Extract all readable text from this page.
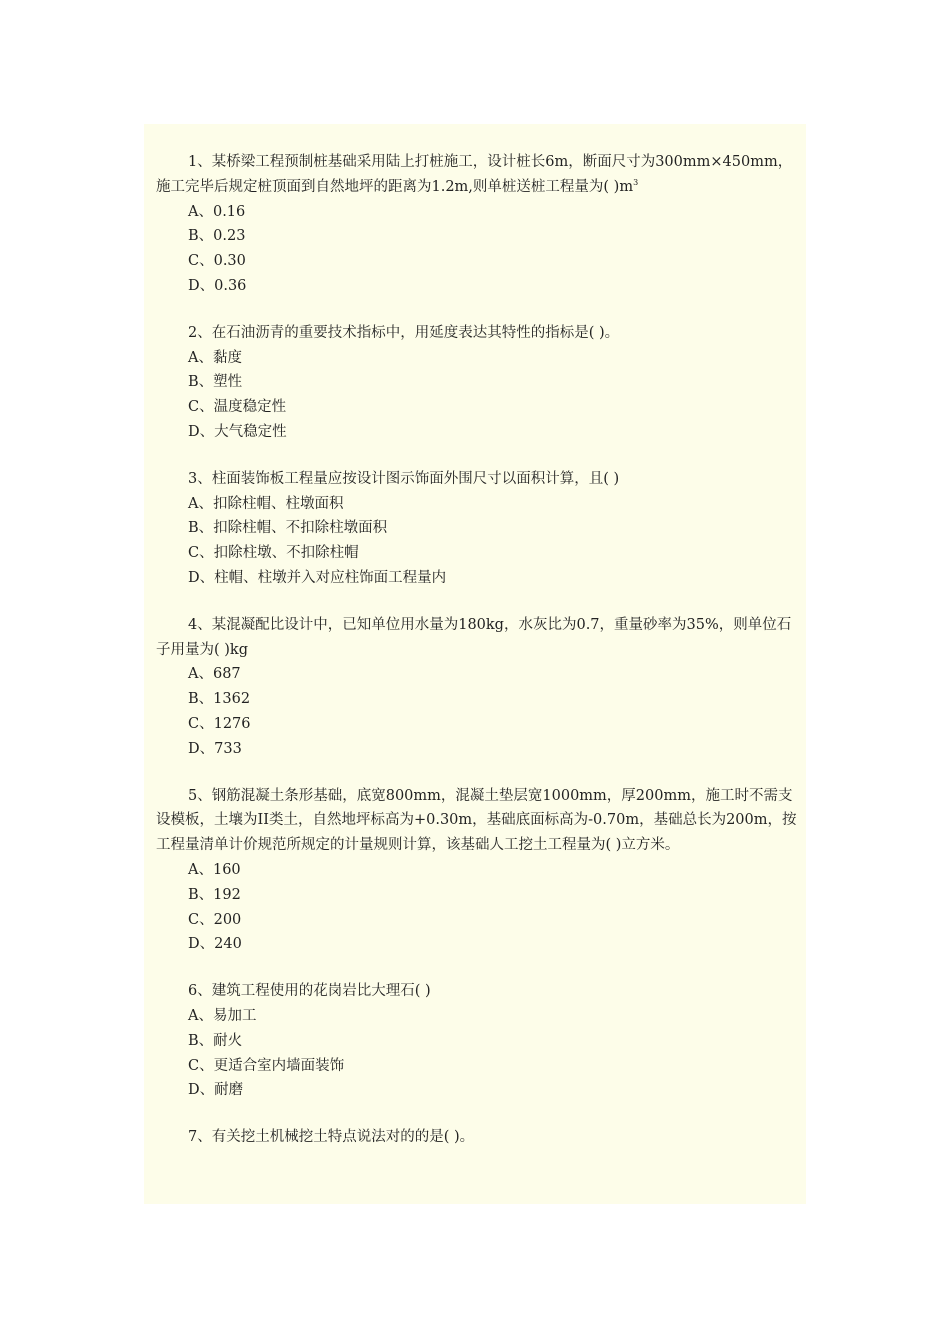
1、某桥梁工程预制桩基础采用陆上打桩施工，设计桩长6m，断面尺寸为300mm×450mm，施工完毕后规定桩顶面到自然地坪的距离为1.2m,则单桩送桩工程量为( )$m^3$

A、0.16

B、0.23

C、0.30

D、0.36

2、在石油沥青的重要技术指标中，用延度表达其特性的指标是( )。

A、黏度

B、塑性

C、温度稳定性

D、大气稳定性

3、柱面装饰板工程量应按设计图示饰面外围尺寸以面积计算，且( )

A、扣除柱帽、柱墩面积

B、扣除柱帽、不扣除柱墩面积

C、扣除柱墩、不扣除柱帽

D、柱帽、柱墩并入对应柱饰面工程量内

4、某混凝配比设计中，已知单位用水量为180kg，水灰比为0.7，重量砂率为35%，则单位石子用量为( )kg

A、687

B、1362

C、1276

D、733

5、钢筋混凝土条形基础，底宽800mm，混凝土垫层宽1000mm，厚200mm，施工时不需支设模板，土壤为II类土，自然地坪标高为+0.30m，基础底面标高为-0.70m，基础总长为200m，按工程量清单计价规范所规定的计量规则计算，该基础人工挖土工程量为( )立方米。

A、160

B、192

C、200

D、240

6、建筑工程使用的花岗岩比大理石( )

A、易加工

B、耐火

C、更适合室内墙面装饰

D、耐磨

7、有关挖土机械挖土特点说法对的的是( )。
